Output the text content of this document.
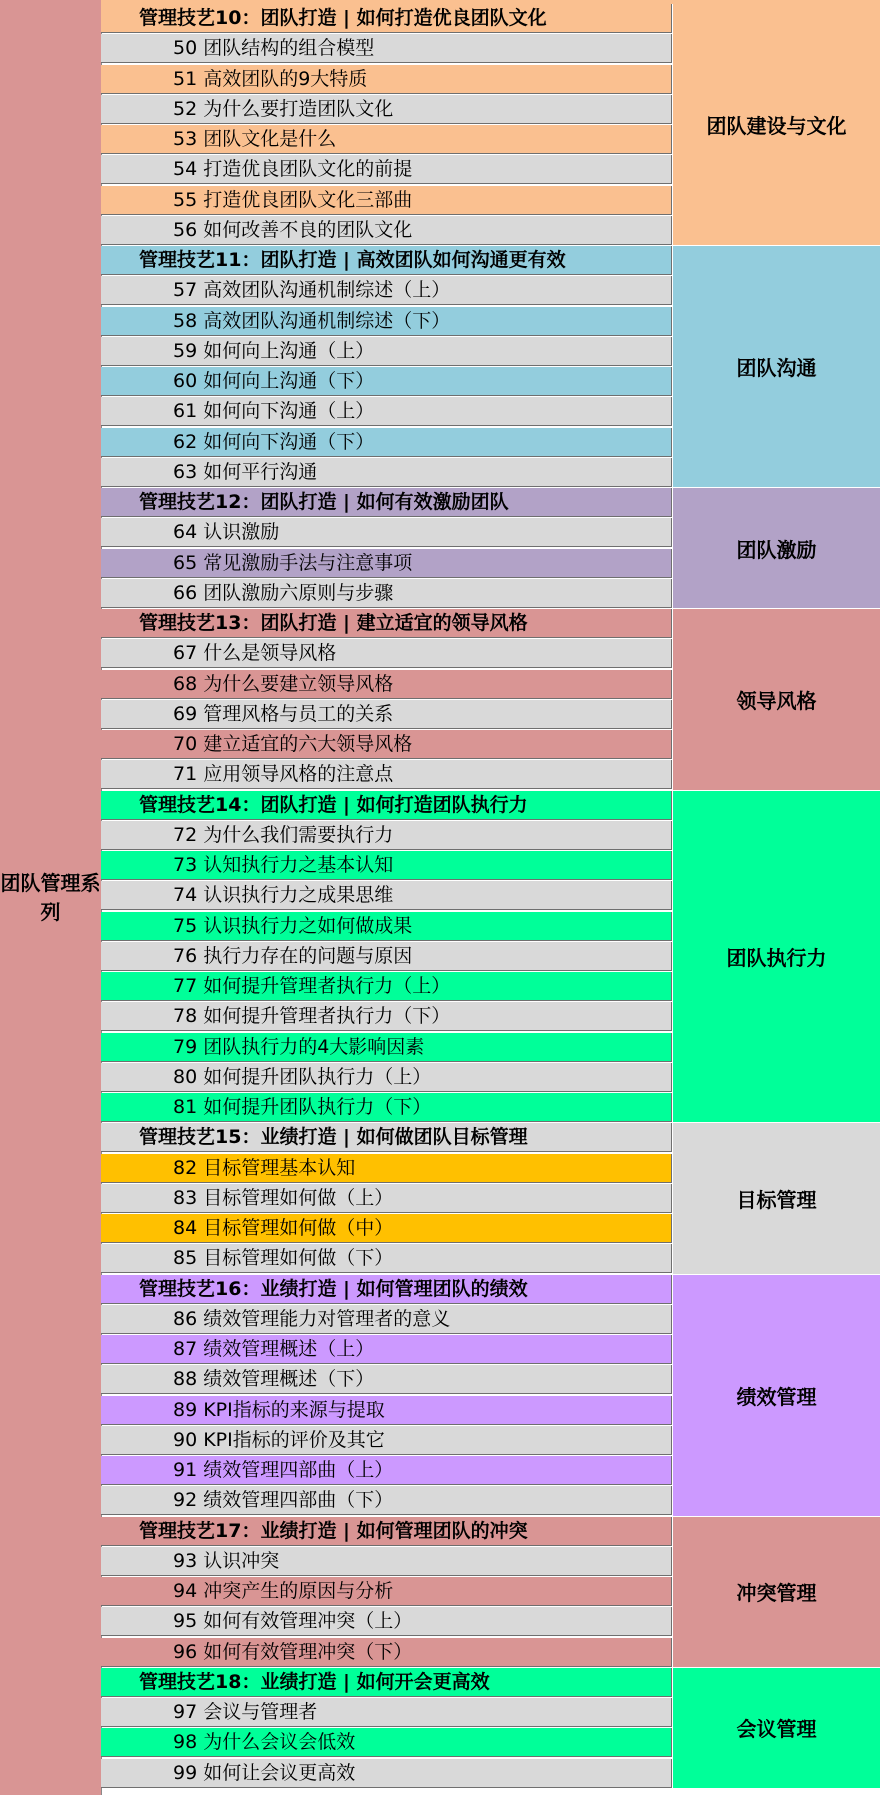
团队管理系列
管理技艺10：团队打造 | 如何打造优良团队文化
50 团队结构的组合模型
51 高效团队的9大特质
52 为什么要打造团队文化
53 团队文化是什么
54 打造优良团队文化的前提
55 打造优良团队文化三部曲
56 如何改善不良的团队文化
团队建设与文化
管理技艺11：团队打造 | 高效团队如何沟通更有效
57 高效团队沟通机制综述（上）
58 高效团队沟通机制综述（下）
59 如何向上沟通（上）
60 如何向上沟通（下）
61 如何向下沟通（上）
62 如何向下沟通（下）
63 如何平行沟通
团队沟通
管理技艺12：团队打造 | 如何有效激励团队
64 认识激励
65 常见激励手法与注意事项
66 团队激励六原则与步骤
团队激励
管理技艺13：团队打造 | 建立适宜的领导风格
67 什么是领导风格
68 为什么要建立领导风格
69 管理风格与员工的关系
70 建立适宜的六大领导风格
71 应用领导风格的注意点
领导风格
管理技艺14：团队打造 | 如何打造团队执行力
72 为什么我们需要执行力
73 认知执行力之基本认知
74 认识执行力之成果思维
75 认识执行力之如何做成果
76 执行力存在的问题与原因
77 如何提升管理者执行力（上）
78 如何提升管理者执行力（下）
79 团队执行力的4大影响因素
80 如何提升团队执行力（上）
81 如何提升团队执行力（下）
团队执行力
管理技艺15：业绩打造 | 如何做团队目标管理
82 目标管理基本认知
83 目标管理如何做（上）
84 目标管理如何做（中）
85 目标管理如何做（下）
目标管理
管理技艺16：业绩打造 | 如何管理团队的绩效
86 绩效管理能力对管理者的意义
87 绩效管理概述（上）
88 绩效管理概述（下）
89 KPI指标的来源与提取
90 KPI指标的评价及其它
91 绩效管理四部曲（上）
92 绩效管理四部曲（下）
绩效管理
管理技艺17：业绩打造 | 如何管理团队的冲突
93 认识冲突
94 冲突产生的原因与分析
95 如何有效管理冲突（上）
96 如何有效管理冲突（下）
冲突管理
管理技艺18：业绩打造 | 如何开会更高效
97 会议与管理者
98 为什么会议会低效
99 如何让会议更高效
会议管理
